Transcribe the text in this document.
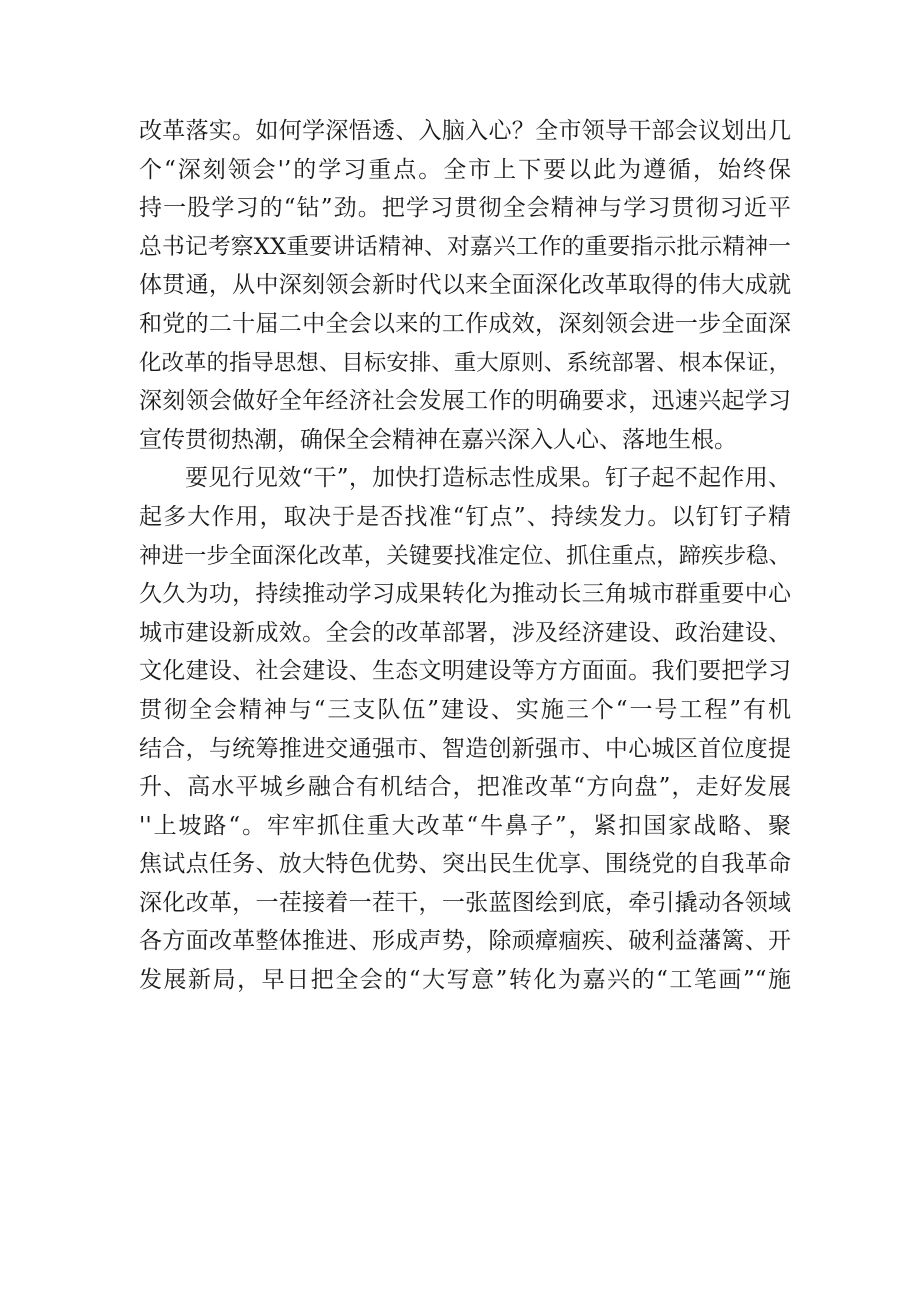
改革落实。如何学深悟透、入脑入心？全市领导干部会议划出几
个“深刻领会'’的学习重点。全市上下要以此为遵循，始终保
持一股学习的“钻”劲。把学习贯彻全会精神与学习贯彻习近平
总书记考察XX重要讲话精神、对嘉兴工作的重要指示批示精神一
体贯通，从中深刻领会新时代以来全面深化改革取得的伟大成就
和党的二十届二中全会以来的工作成效，深刻领会进一步全面深
化改革的指导思想、目标安排、重大原则、系统部署、根本保证，
深刻领会做好全年经济社会发展工作的明确要求，迅速兴起学习
宣传贯彻热潮，确保全会精神在嘉兴深入人心、落地生根。
要见行见效“干”，加快打造标志性成果。钉子起不起作用、
起多大作用，取决于是否找准“钉点”、持续发力。以钉钉子精
神进一步全面深化改革，关键要找准定位、抓住重点，蹄疾步稳、
久久为功，持续推动学习成果转化为推动长三角城市群重要中心
城市建设新成效。全会的改革部署，涉及经济建设、政治建设、
文化建设、社会建设、生态文明建设等方方面面。我们要把学习
贯彻全会精神与“三支队伍”建设、实施三个“一号工程”有机
结合，与统筹推进交通强市、智造创新强市、中心城区首位度提
升、高水平城乡融合有机结合，把准改革“方向盘”，走好发展
''上坡路“。牢牢抓住重大改革“牛鼻子”，紧扣国家战略、聚
焦试点任务、放大特色优势、突出民生优享、围绕党的自我革命
深化改革，一茬接着一茬干，一张蓝图绘到底，牵引撬动各领域
各方面改革整体推进、形成声势，除顽瘴痼疾、破利益藩篱、开
发展新局，早日把全会的“大写意”转化为嘉兴的“工笔画”“施
